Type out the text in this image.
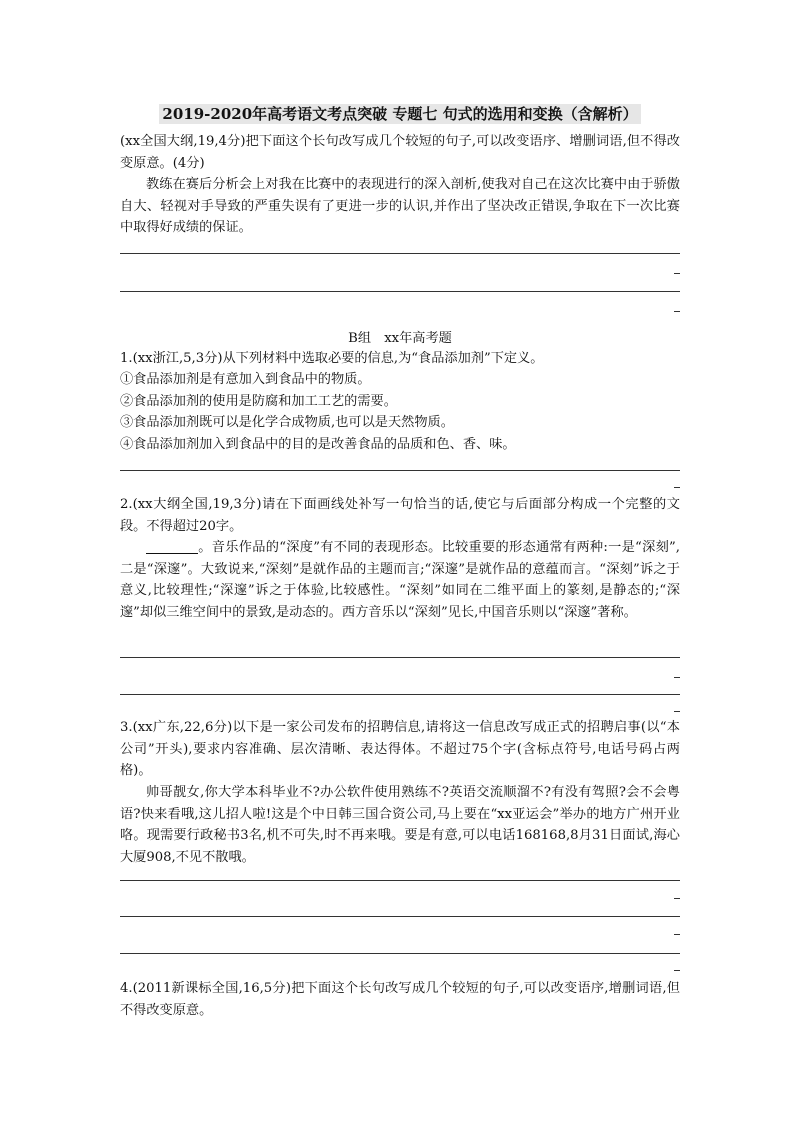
2019-2020年高考语文考点突破 专题七 句式的选用和变换（含解析）
(xx全国大纲,19,4分)把下面这个长句改写成几个较短的句子,可以改变语序、增删词语,但不得改变原意。(4分)
教练在赛后分析会上对我在比赛中的表现进行的深入剖析,使我对自己在这次比赛中由于骄傲自大、轻视对手导致的严重失误有了更进一步的认识,并作出了坚决改正错误,争取在下一次比赛中取得好成绩的保证。
B组　xx年高考题
1.(xx浙江,5,3分)从下列材料中选取必要的信息,为“食品添加剂”下定义。
①食品添加剂是有意加入到食品中的物质。
②食品添加剂的使用是防腐和加工工艺的需要。
③食品添加剂既可以是化学合成物质,也可以是天然物质。
④食品添加剂加入到食品中的目的是改善食品的品质和色、香、味。
2.(xx大纲全国,19,3分)请在下面画线处补写一句恰当的话,使它与后面部分构成一个完整的文段。不得超过20字。
。音乐作品的“深度”有不同的表现形态。比较重要的形态通常有两种:一是“深刻”,二是“深邃”。大致说来,“深刻”是就作品的主题而言;“深邃”是就作品的意蕴而言。“深刻”诉之于意义,比较理性;“深邃”诉之于体验,比较感性。“深刻”如同在二维平面上的篆刻,是静态的;“深邃”却似三维空间中的景致,是动态的。西方音乐以“深刻”见长,中国音乐则以“深邃”著称。
3.(xx广东,22,6分)以下是一家公司发布的招聘信息,请将这一信息改写成正式的招聘启事(以“本公司”开头),要求内容准确、层次清晰、表达得体。不超过75个字(含标点符号,电话号码占两格)。
帅哥靓女,你大学本科毕业不?办公软件使用熟练不?英语交流顺溜不?有没有驾照?会不会粤语?快来看哦,这儿招人啦!这是个中日韩三国合资公司,马上要在“xx亚运会”举办的地方广州开业咯。现需要行政秘书3名,机不可失,时不再来哦。要是有意,可以电话168168,8月31日面试,海心大厦908,不见不散哦。
4.(2011新课标全国,16,5分)把下面这个长句改写成几个较短的句子,可以改变语序,增删词语,但不得改变原意。
